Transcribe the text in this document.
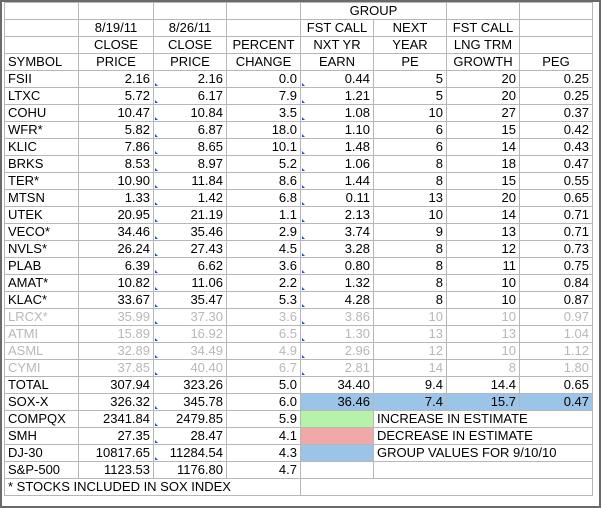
				GROUP			
	8/19/11	8/26/11		FST CALL	NEXT	FST CALL	
	CLOSE	CLOSE	PERCENT	NXT YR	YEAR	LNG TRM	
SYMBOL	PRICE	PRICE	CHANGE	EARN	PE	GROWTH	PEG
FSII	2.16	2.16	0.0	0.44	5	20	0.25
LTXC	5.72	6.17	7.9	1.21	5	20	0.25
COHU	10.47	10.84	3.5	1.08	10	27	0.37
WFR*	5.82	6.87	18.0	1.10	6	15	0.42
KLIC	7.86	8.65	10.1	1.48	6	14	0.43
BRKS	8.53	8.97	5.2	1.06	8	18	0.47
TER*	10.90	11.84	8.6	1.44	8	15	0.55
MTSN	1.33	1.42	6.8	0.11	13	20	0.65
UTEK	20.95	21.19	1.1	2.13	10	14	0.71
VECO*	34.46	35.46	2.9	3.74	9	13	0.71
NVLS*	26.24	27.43	4.5	3.28	8	12	0.73
PLAB	6.39	6.62	3.6	0.80	8	11	0.75
AMAT*	10.82	11.06	2.2	1.32	8	10	0.84
KLAC*	33.67	35.47	5.3	4.28	8	10	0.87
LRCX*	35.99	37.30	3.6	3.86	10	10	0.97
ATMI	15.89	16.92	6.5	1.30	13	13	1.04
ASML	32.89	34.49	4.9	2.96	12	10	1.12
CYMI	37.85	40.40	6.7	2.81	14	8	1.80
TOTAL	307.94	323.26	5.0	34.40	9.4	14.4	0.65
SOX-X	326.32	345.78	6.0	36.46	7.4	15.7	0.47
COMPQX	2341.84	2479.85	5.9		INCREASE IN ESTIMATE		
SMH	27.35	28.47	4.1		DECREASE IN ESTIMATE		
DJ-30	10817.65	11284.54	4.3		GROUP VALUES FOR 9/10/10		
S&P-500	1123.53	1176.80	4.7				
* STOCKS INCLUDED IN SOX INDEX							
